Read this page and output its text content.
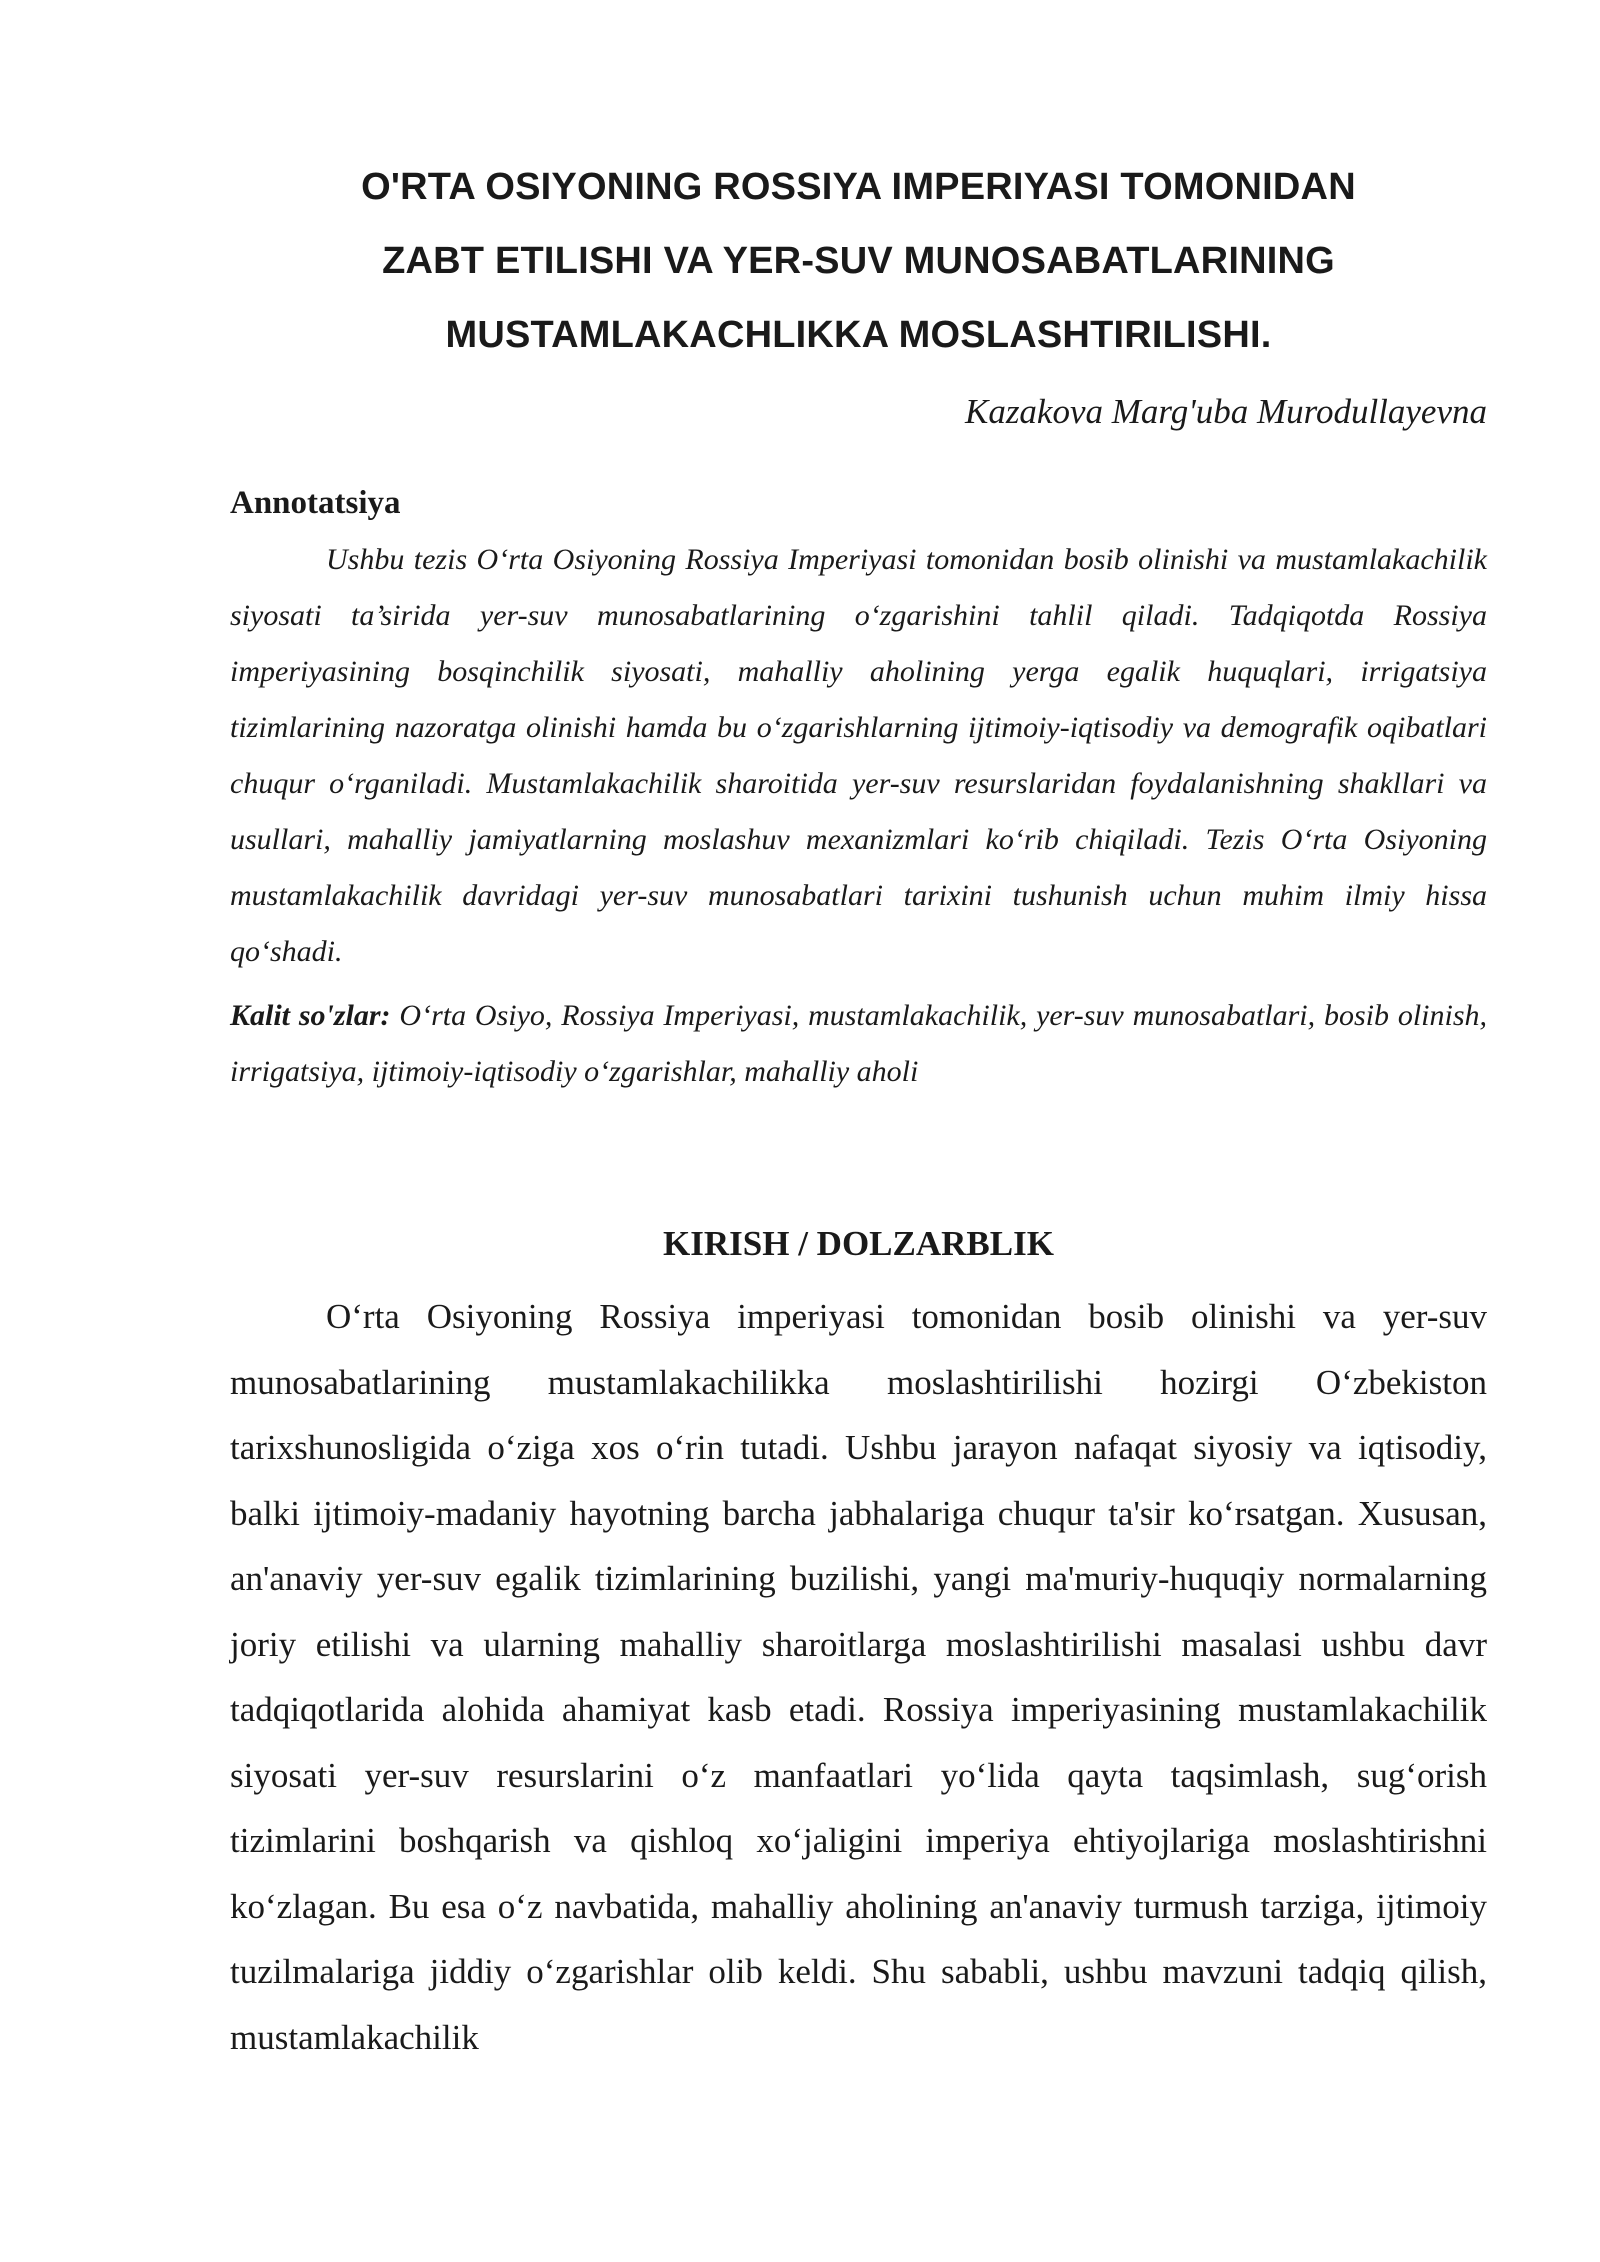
O'RTA OSIYONING ROSSIYA IMPERIYASI TOMONIDAN
ZABT ETILISHI VA YER-SUV MUNOSABATLARINING
MUSTAMLAKACHLIKKA MOSLASHTIRILISHI.

Kazakova Marg'uba Murodullayevna

Annotatsiya

Ushbu tezis O‘rta Osiyoning Rossiya Imperiyasi tomonidan bosib olinishi va mustamlakachilik siyosati ta’sirida yer-suv munosabatlarining o‘zgarishini tahlil qiladi. Tadqiqotda Rossiya imperiyasining bosqinchilik siyosati, mahalliy aholining yerga egalik huquqlari, irrigatsiya tizimlarining nazoratga olinishi hamda bu o‘zgarishlarning ijtimoiy-iqtisodiy va demografik oqibatlari chuqur o‘rganiladi. Mustamlakachilik sharoitida yer-suv resurslaridan foydalanishning shakllari va usullari, mahalliy jamiyatlarning moslashuv mexanizmlari ko‘rib chiqiladi. Tezis O‘rta Osiyoning mustamlakachilik davridagi yer-suv munosabatlari tarixini tushunish uchun muhim ilmiy hissa qo‘shadi.

Kalit so'zlar: O‘rta Osiyo, Rossiya Imperiyasi, mustamlakachilik, yer-suv munosabatlari, bosib olinish, irrigatsiya, ijtimoiy-iqtisodiy o‘zgarishlar, mahalliy aholi

KIRISH / DOLZARBLIK

O‘rta Osiyoning Rossiya imperiyasi tomonidan bosib olinishi va yer-suv munosabatlarining mustamlakachilikka moslashtirilishi hozirgi O‘zbekiston tarixshunosligida o‘ziga xos o‘rin tutadi. Ushbu jarayon nafaqat siyosiy va iqtisodiy, balki ijtimoiy-madaniy hayotning barcha jabhalariga chuqur ta'sir ko‘rsatgan. Xususan, an'anaviy yer-suv egalik tizimlarining buzilishi, yangi ma'muriy-huquqiy normalarning joriy etilishi va ularning mahalliy sharoitlarga moslashtirilishi masalasi ushbu davr tadqiqotlarida alohida ahamiyat kasb etadi. Rossiya imperiyasining mustamlakachilik siyosati yer-suv resurslarini o‘z manfaatlari yo‘lida qayta taqsimlash, sug‘orish tizimlarini boshqarish va qishloq xo‘jaligini imperiya ehtiyojlariga moslashtirishni ko‘zlagan. Bu esa o‘z navbatida, mahalliy aholining an'anaviy turmush tarziga, ijtimoiy tuzilmalariga jiddiy o‘zgarishlar olib keldi. Shu sababli, ushbu mavzuni tadqiq qilish, mustamlakachilik
